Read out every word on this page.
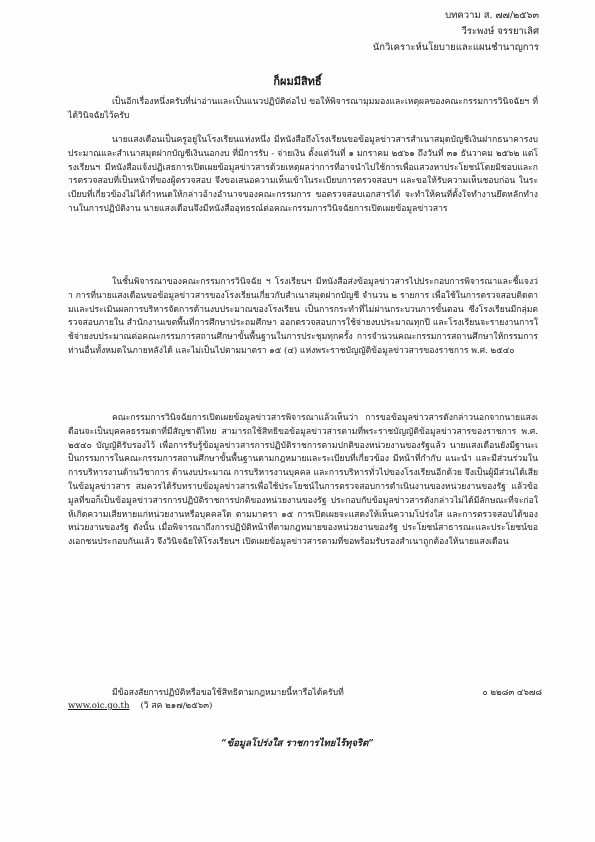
บทความ ส. ๗๗/๒๕๖๓
วีระพงษ์ จรรยาเลิศ
นักวิเคราะห์นโยบายและแผนชำนาญการ
ก็ผมมีสิทธิ์

เป็นอีกเรื่องหนึ่งครับที่น่าอ่านและเป็นแนวปฏิบัติต่อไป ขอให้พิจารณามุมมองและเหตุผลของคณะกรรมการวินิจฉัยฯ ที่ได้วินิจฉัยไว้ครับ

นายแสงเดือนเป็นครูอยู่ในโรงเรียนแห่งหนึ่ง มีหนังสือถึงโรงเรียนขอข้อมูลข่าวสารสำเนาสมุดบัญชีเงินฝากธนาคารงบประมาณและสำเนาสมุดฝากบัญชีเงินนอกงบ ที่มีการรับ - จ่ายเงิน ตั้งแต่วันที่ ๑ มกราคม ๒๕๖๑ ถึงวันที่ ๓๑ ธันวาคม ๒๕๖๒ แต่โรงเรียนฯ มีหนังสือแจ้งปฏิเสธการเปิดเผยข้อมูลข่าวสารด้วยเหตุผลว่าการที่อาจนำไปใช้การเพื่อแสวงหาประโยชน์โดยมิชอบและการตรวจสอบที่เป็นหน้าที่ของผู้ตรวจสอบ จึงขอเสนอความเห็นเข้าในระเบียบการตรวจสอบฯ และขอให้รับความเห็นชอบก่อน ในระเบียบที่เกี่ยวข้องไม่ได้กำหนดให้กล่าวอ้างอำนาจของคณะกรรมการ ขอตรวจสอบเอกสารได้ จะทำให้คนที่ตั้งใจทำงานยึดหลักทำงานในการปฏิบัติงาน นายแสงเดือนจึงมีหนังสืออุทธรณ์ต่อคณะกรรมการวินิจฉัยการเปิดเผยข้อมูลข่าวสาร

ในชั้นพิจารณาของคณะกรรมการวินิจฉัย ฯ โรงเรียนฯ มีหนังสือส่งข้อมูลข่าวสารไปประกอบการพิจารณาและชี้แจงว่า การที่นายแสงเดือนขอข้อมูลข่าวสารของโรงเรียนเกี่ยวกับสำเนาสมุดฝากบัญชี จำนวน ๒ รายการ เพื่อใช้ในการตรวจสอบติดตามและประเมินผลการบริหารจัดการด้านงบประมาณของโรงเรียน เป็นการกระทำที่ไม่ผ่านกระบวนการขั้นตอน ซึ่งโรงเรียนมีกลุ่มตรวจสอบภายใน สำนักงานเขตพื้นที่การศึกษาประถมศึกษา ออกตรวจสอบการใช้จ่ายงบประมาณทุกปี และโรงเรียนจะรายงานการใช้จ่ายงบประมาณต่อคณะกรรมการสถานศึกษาขั้นพื้นฐานในการประชุมทุกครั้ง การจำนวนคณะกรรมการสถานศึกษาให้กรรมการท่านอื่นทั้งหมดในภายหลังได้ และไม่เป็นไปตามมาตรา ๑๕ (๔) แห่งพระราชบัญญัติข้อมูลข่าวสารของราชการ พ.ศ. ๒๕๔๐

คณะกรรมการวินิจฉัยการเปิดเผยข้อมูลข่าวสารพิจารณาแล้วเห็นว่า การขอข้อมูลข่าวสารดังกล่าวนอกจากนายแสงเดือนจะเป็นบุคคลธรรมดาที่มีสัญชาติไทย สามารถใช้สิทธิขอข้อมูลข่าวสารตามที่พระราชบัญญัติข้อมูลข่าวสารของราชการ พ.ศ. ๒๕๔๐ บัญญัติรับรองไว้ เพื่อการรับรู้ข้อมูลข่าวสารการปฏิบัติราชการตามปกติของหน่วยงานของรัฐแล้ว นายแสงเดือนยังมีฐานะเป็นกรรมการในคณะกรรมการสถานศึกษาขั้นพื้นฐานตามกฎหมายและระเบียบที่เกี่ยวข้อง มีหน้าที่กำกับ แนะนำ และมีส่วนร่วมในการบริหารงานด้านวิชาการ ด้านงบประมาณ การบริหารงานบุคคล และการบริหารทั่วไปของโรงเรียนอีกด้วย จึงเป็นผู้มีส่วนได้เสียในข้อมูลข่าวสาร สมควรได้รับทราบข้อมูลข่าวสารเพื่อใช้ประโยชน์ในการตรวจสอบการดำเนินงานของหน่วยงานของรัฐ แล้วข้อมูลที่ขอก็เป็นข้อมูลข่าวสารการปฏิบัติราชการปกติของหน่วยงานของรัฐ ประกอบกับข้อมูลข่าวสารดังกล่าวไม่ได้มีลักษณะที่จะก่อให้เกิดความเสียหายแก่หน่วยงานหรือบุคคลใด ตามมาตรา ๑๕ การเปิดเผยจะแสดงให้เห็นความโปร่งใส และการตรวจสอบได้ของหน่วยงานของรัฐ ดังนั้น เมื่อพิจารณาถึงการปฏิบัติหน้าที่ตามกฎหมายของหน่วยงานของรัฐ ประโยชน์สาธารณะและประโยชน์ของเอกชนประกอบกันแล้ว จึงวินิจฉัยให้โรงเรียนฯ เปิดเผยข้อมูลข่าวสารตามที่ขอพร้อมรับรองสำเนาถูกต้องให้นายแสงเดือน

มีข้อสงสัยการปฏิบัติหรือขอใช้สิทธิตามกฎหมายนี้หารือได้ครับที่	๐ ๒๒๘๓ ๔๖๗๘
www.oic.go.th (วิ สค ๒๑๗/๒๕๖๓)
“ข้อมูลโปร่งใส ราชการไทยไร้ทุจริต”
